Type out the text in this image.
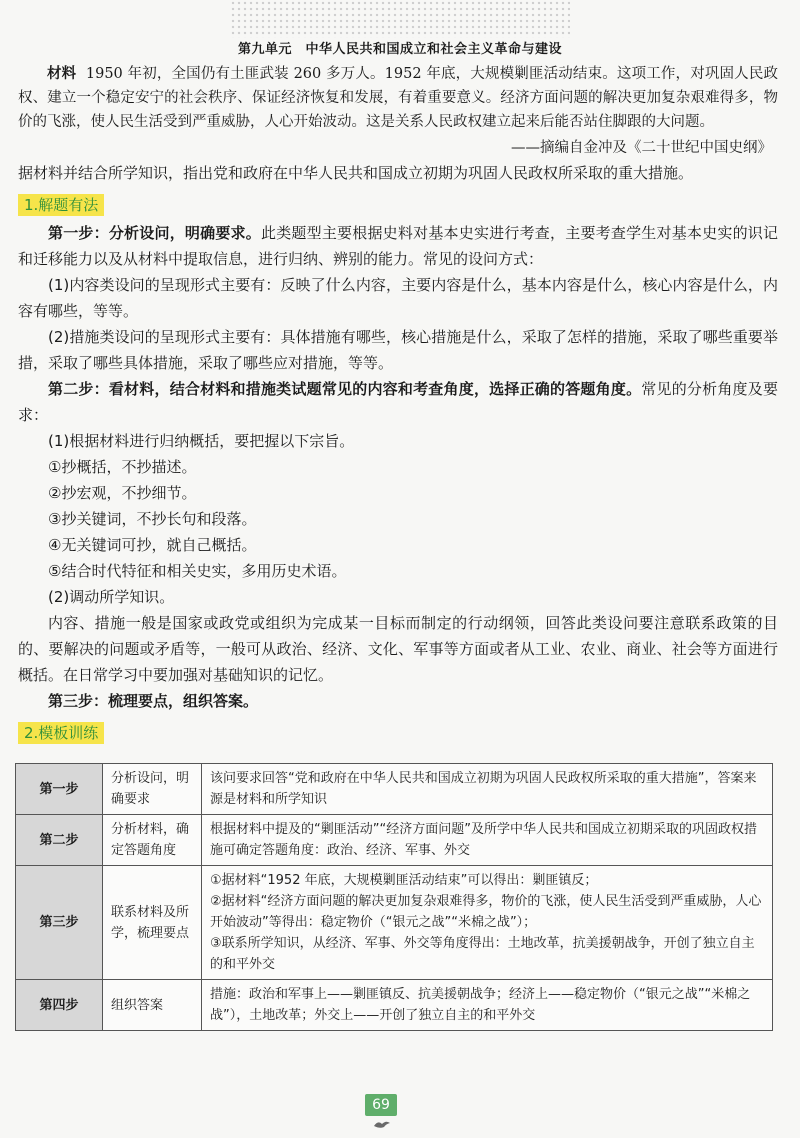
第九单元　中华人民共和国成立和社会主义革命与建设

材料 1950 年初，全国仍有土匪武装 260 多万人。1952 年底，大规模剿匪活动结束。这项工作，对巩固人民政权、建立一个稳定安宁的社会秩序、保证经济恢复和发展，有着重要意义。经济方面问题的解决更加复杂艰难得多，物价的飞涨，使人民生活受到严重威胁，人心开始波动。这是关系人民政权建立起来后能否站住脚跟的大问题。

——摘编自金冲及《二十世纪中国史纲》

据材料并结合所学知识，指出党和政府在中华人民共和国成立初期为巩固人民政权所采取的重大措施。

1.解题有法

第一步：分析设问，明确要求。此类题型主要根据史料对基本史实进行考查，主要考查学生对基本史实的识记和迁移能力以及从材料中提取信息，进行归纳、辨别的能力。常见的设问方式：

(1)内容类设问的呈现形式主要有：反映了什么内容，主要内容是什么，基本内容是什么，核心内容是什么，内容有哪些，等等。

(2)措施类设问的呈现形式主要有：具体措施有哪些，核心措施是什么，采取了怎样的措施，采取了哪些重要举措，采取了哪些具体措施，采取了哪些应对措施，等等。

第二步：看材料，结合材料和措施类试题常见的内容和考查角度，选择正确的答题角度。常见的分析角度及要求：

(1)根据材料进行归纳概括，要把握以下宗旨。

①抄概括，不抄描述。

②抄宏观，不抄细节。

③抄关键词，不抄长句和段落。

④无关键词可抄，就自己概括。

⑤结合时代特征和相关史实，多用历史术语。

(2)调动所学知识。

内容、措施一般是国家或政党或组织为完成某一目标而制定的行动纲领，回答此类设问要注意联系政策的目的、要解决的问题或矛盾等，一般可从政治、经济、文化、军事等方面或者从工业、农业、商业、社会等方面进行概括。在日常学习中要加强对基础知识的记忆。

第三步：梳理要点，组织答案。

2.模板训练
第一步	分析设问，明确要求	该问要求回答“党和政府在中华人民共和国成立初期为巩固人民政权所采取的重大措施”，答案来源是材料和所学知识

第二步	分析材料，确定答题角度	根据材料中提及的“剿匪活动”“经济方面问题”及所学中华人民共和国成立初期采取的巩固政权措施可确定答题角度：政治、经济、军事、外交

第三步	联系材料及所学，梳理要点	①据材料“1952 年底，大规模剿匪活动结束”可以得出：剿匪镇反；
②据材料“经济方面问题的解决更加复杂艰难得多，物价的飞涨，使人民生活受到严重威胁，人心开始波动”等得出：稳定物价（“银元之战”“米棉之战”）；
③联系所学知识，从经济、军事、外交等角度得出：土地改革，抗美援朝战争，开创了独立自主的和平外交

第四步	组织答案	措施：政治和军事上——剿匪镇反、抗美援朝战争；经济上——稳定物价（“银元之战”“米棉之战”），土地改革；外交上——开创了独立自主的和平外交
69
